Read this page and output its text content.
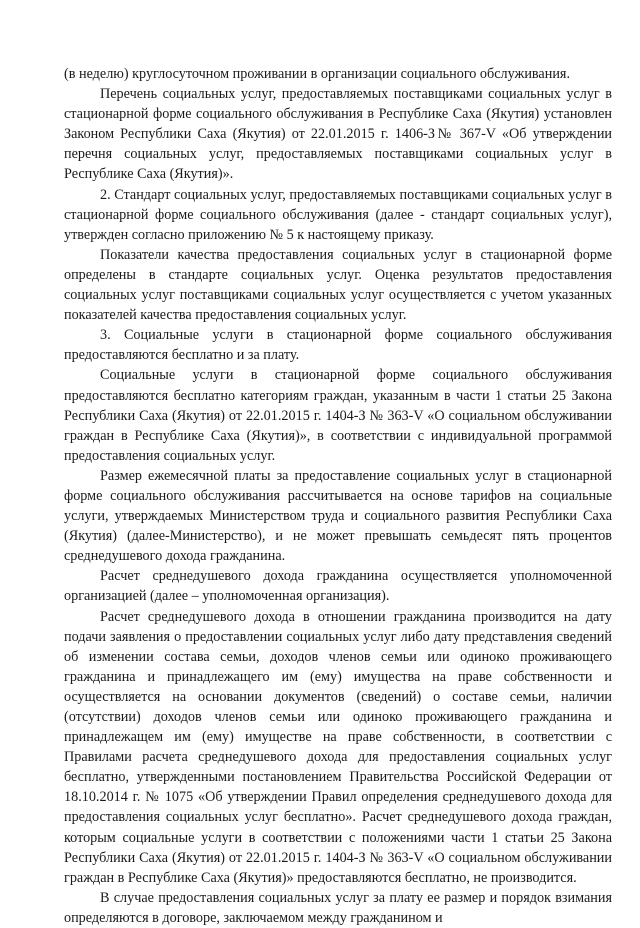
(в неделю) круглосуточном проживании в организации социального обслуживания.

Перечень социальных услуг, предоставляемых поставщиками социальных услуг в стационарной форме социального обслуживания в Республике Саха (Якутия) установлен Законом Республики Саха (Якутия) от 22.01.2015 г. 1406-З№ 367-V «Об утверждении перечня социальных услуг, предоставляемых поставщиками социальных услуг в Республике Саха (Якутия)».

2. Стандарт социальных услуг, предоставляемых поставщиками социальных услуг в стационарной форме социального обслуживания (далее - стандарт социальных услуг), утвержден согласно приложению № 5 к настоящему приказу.

Показатели качества предоставления социальных услуг в стационарной форме определены в стандарте социальных услуг. Оценка результатов предоставления социальных услуг поставщиками социальных услуг осуществляется с учетом указанных показателей качества предоставления социальных услуг.

3. Социальные услуги в стационарной форме социального обслуживания предоставляются бесплатно и за плату.

Социальные услуги в стационарной форме социального обслуживания предоставляются бесплатно категориям граждан, указанным в части 1 статьи 25 Закона Республики Саха (Якутия) от 22.01.2015 г. 1404-З № 363-V «О социальном обслуживании граждан в Республике Саха (Якутия)», в соответствии с индивидуальной программой предоставления социальных услуг.

Размер ежемесячной платы за предоставление социальных услуг в стационарной форме социального обслуживания рассчитывается на основе тарифов на социальные услуги, утверждаемых Министерством труда и социального развития Республики Саха (Якутия) (далее-Министерство), и не может превышать семьдесят пять процентов среднедушевого дохода гражданина.

Расчет среднедушевого дохода гражданина осуществляется уполномоченной организацией (далее – уполномоченная организация).

Расчет среднедушевого дохода в отношении гражданина производится на дату подачи заявления о предоставлении социальных услуг либо дату представления сведений об изменении состава семьи, доходов членов семьи или одиноко проживающего гражданина и принадлежащего им (ему) имущества на праве собственности и осуществляется на основании документов (сведений) о составе семьи, наличии (отсутствии) доходов членов семьи или одиноко проживающего гражданина и принадлежащем им (ему) имуществе на праве собственности, в соответствии с Правилами расчета среднедушевого дохода для предоставления социальных услуг бесплатно, утвержденными постановлением Правительства Российской Федерации от 18.10.2014 г. № 1075 «Об утверждении Правил определения среднедушевого дохода для предоставления социальных услуг бесплатно». Расчет среднедушевого дохода граждан, которым социальные услуги в соответствии с положениями части 1 статьи 25 Закона Республики Саха (Якутия) от 22.01.2015 г. 1404-З № 363-V «О социальном обслуживании граждан в Республике Саха (Якутия)» предоставляются бесплатно, не производится.

В случае предоставления социальных услуг за плату ее размер и порядок взимания определяются в договоре, заключаемом между гражданином и
